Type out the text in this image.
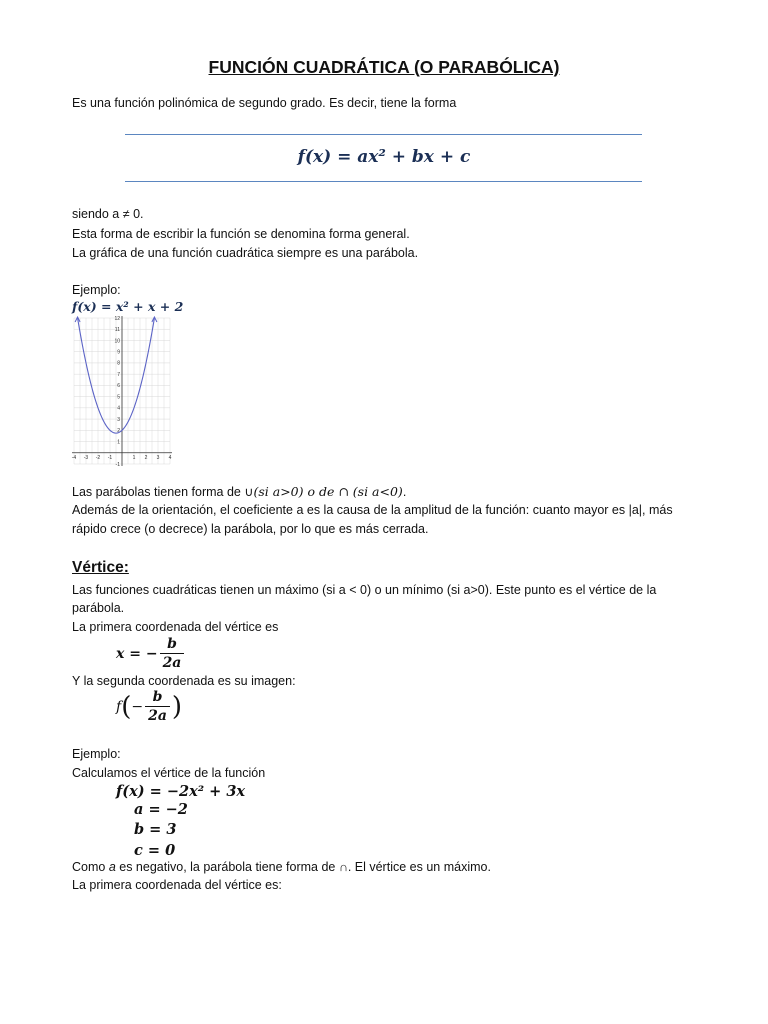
FUNCIÓN CUADRÁTICA (O PARABÓLICA)
Es una función polinómica de segundo grado. Es decir, tiene la forma
f(x) = ax² + bx + c
siendo a ≠ 0.
Esta forma de escribir la función se denomina forma general.
La gráfica de una función cuadrática siempre es una parábola.
Ejemplo:
f(x) = x² + x + 2
-4 -3 -2 -1	1 2 3 4
-1
1
2
3
4
5
6
7
8
9
10
11
12
Las parábolas tienen forma de ∪(si a>0) o de ∩ (si a<0).
Además de la orientación, el coeficiente a es la causa de la amplitud de la función: cuanto mayor es |a|, más
rápido crece (o decrece) la parábola, por lo que es más cerrada.
Vértice:
Las funciones cuadráticas tienen un máximo (si a < 0) o un mínimo (si a>0). Este punto es el vértice de la
parábola.
La primera coordenada del vértice es
x = − $\frac{b}{2a}$
Y la segunda coordenada es su imagen:
$f(- \frac{b}{2a}$ )
Ejemplo:
Calculamos el vértice de la función
f(x) = −2x² + 3x
a = −2
b = 3
c = 0
Como a es negativo, la parábola tiene forma de ∩. El vértice es un máximo.
La primera coordenada del vértice es:
